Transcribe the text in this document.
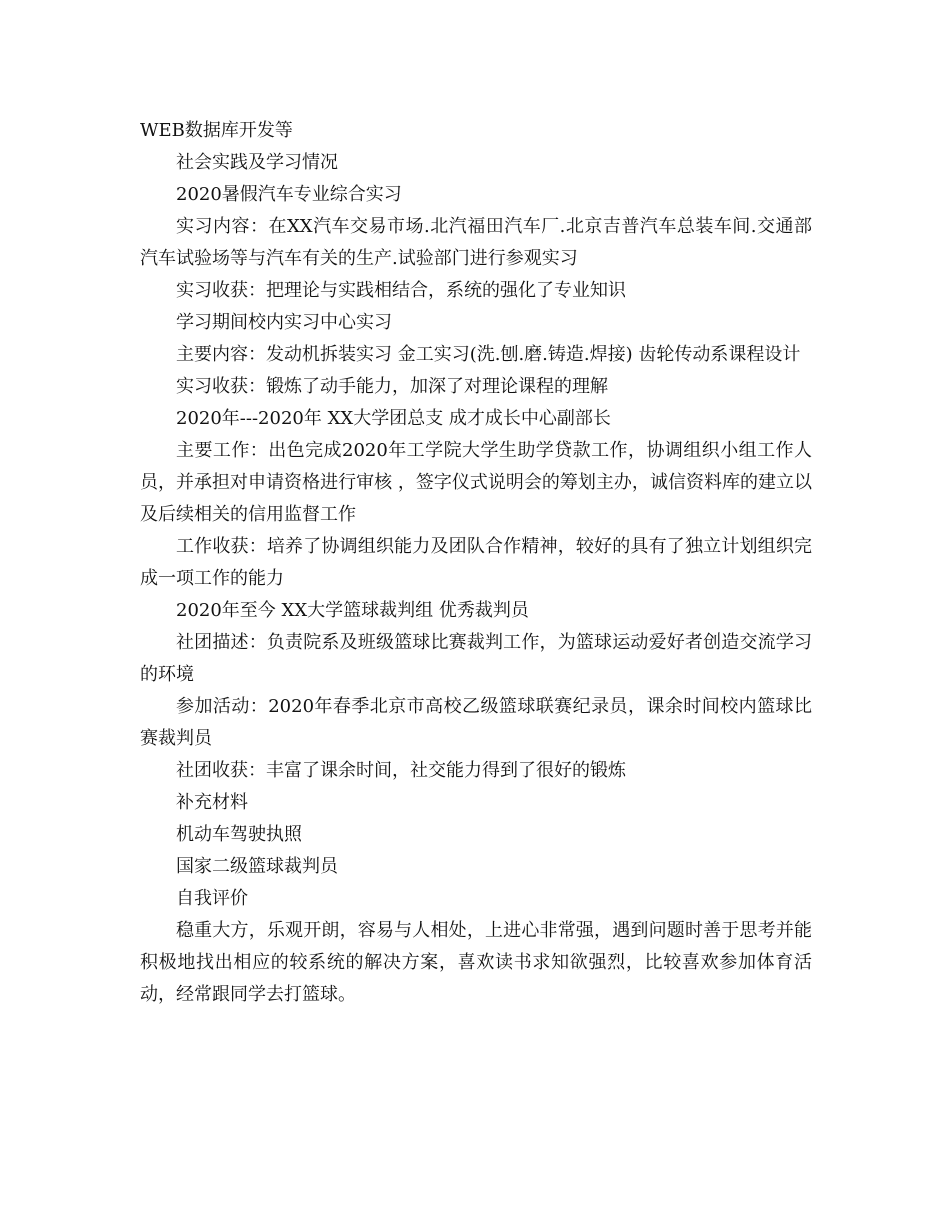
WEB数据库开发等

社会实践及学习情况

2020暑假汽车专业综合实习

实习内容：在XX汽车交易市场.北汽福田汽车厂.北京吉普汽车总装车间.交通部汽车试验场等与汽车有关的生产.试验部门进行参观实习

实习收获：把理论与实践相结合，系统的强化了专业知识

学习期间校内实习中心实习

主要内容：发动机拆装实习 金工实习(洗.刨.磨.铸造.焊接) 齿轮传动系课程设计

实习收获：锻炼了动手能力，加深了对理论课程的理解

2020年---2020年 XX大学团总支 成才成长中心副部长

主要工作：出色完成2020年工学院大学生助学贷款工作，协调组织小组工作人员，并承担对申请资格进行审核 ，签字仪式说明会的筹划主办，诚信资料库的建立以及后续相关的信用监督工作

工作收获：培养了协调组织能力及团队合作精神，较好的具有了独立计划组织完成一项工作的能力

2020年至今 XX大学篮球裁判组 优秀裁判员

社团描述：负责院系及班级篮球比赛裁判工作，为篮球运动爱好者创造交流学习的环境

参加活动：2020年春季北京市高校乙级篮球联赛纪录员，课余时间校内篮球比赛裁判员

社团收获：丰富了课余时间，社交能力得到了很好的锻炼

补充材料

机动车驾驶执照

国家二级篮球裁判员

自我评价

稳重大方，乐观开朗，容易与人相处，上进心非常强，遇到问题时善于思考并能积极地找出相应的较系统的解决方案，喜欢读书求知欲强烈，比较喜欢参加体育活动，经常跟同学去打篮球。
